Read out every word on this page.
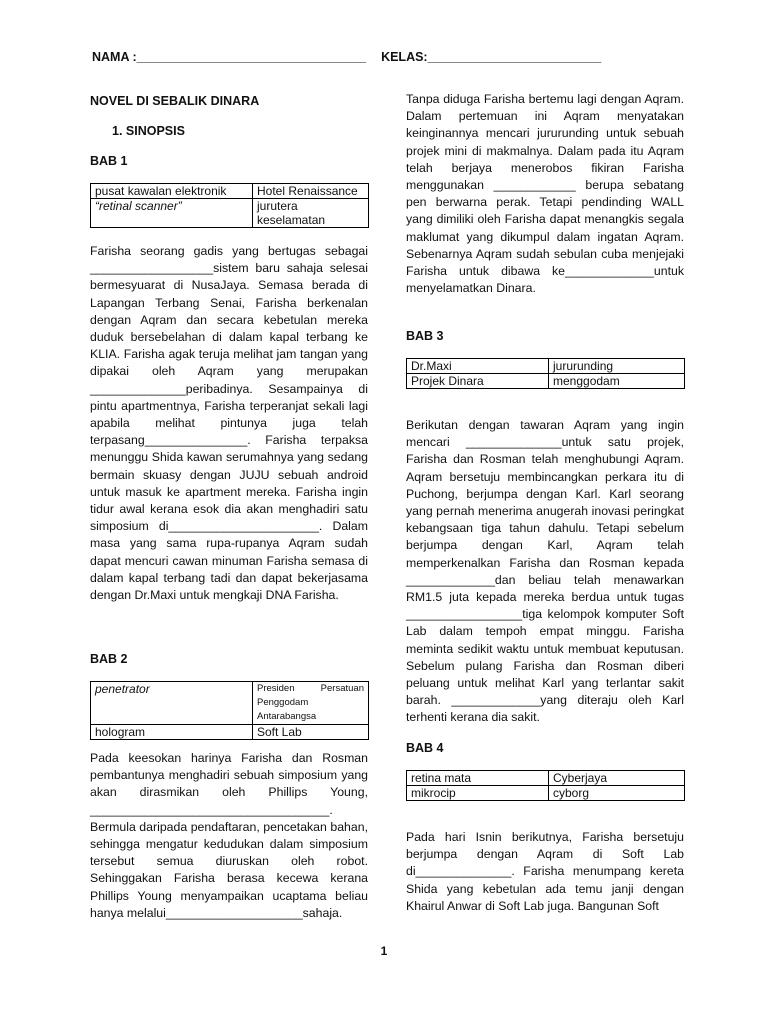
NAMA :_________________________________ KELAS:_________________________
NOVEL DI SEBALIK DINARA
1. SINOPSIS
BAB 1
pusat kawalan elektronik	Hotel Renaissance
“retinal scanner”	jurutera keselamatan

Farisha seorang gadis yang bertugas sebagai __________________sistem baru sahaja selesai bermesyuarat di NusaJaya. Semasa berada di Lapangan Terbang Senai, Farisha berkenalan dengan Aqram dan secara kebetulan mereka duduk bersebelahan di dalam kapal terbang ke KLIA. Farisha agak teruja melihat jam tangan yang dipakai oleh Aqram yang merupakan ______________peribadinya. Sesampainya di pintu apartmentnya, Farisha terperanjat sekali lagi apabila melihat pintunya juga telah terpasang_______________. Farisha terpaksa menunggu Shida kawan serumahnya yang sedang bermain skuasy dengan JUJU sebuah android untuk masuk ke apartment mereka. Farisha ingin tidur awal kerana esok dia akan menghadiri satu simposium di______________________. Dalam masa yang sama rupa-rupanya Aqram sudah dapat mencuri cawan minuman Farisha semasa di dalam kapal terbang tadi dan dapat bekerjasama dengan Dr.Maxi untuk mengkaji DNA Farisha.

BAB 2
penetrator	Presiden Persatuan Penggodam Antarabangsa
hologram	Soft Lab

Pada keesokan harinya Farisha dan Rosman pembantunya menghadiri sebuah simposium yang akan dirasmikan oleh Phillips Young, ___________________________________. Bermula daripada pendaftaran, pencetakan bahan, sehingga mengatur kedudukan dalam simposium tersebut semua diuruskan oleh robot. Sehinggakan Farisha berasa kecewa kerana Phillips Young menyampaikan ucaptama beliau hanya melalui____________________sahaja.

Tanpa diduga Farisha bertemu lagi dengan Aqram. Dalam pertemuan ini Aqram menyatakan keinginannya mencari jururunding untuk sebuah projek mini di makmalnya. Dalam pada itu Aqram telah berjaya menerobos fikiran Farisha menggunakan ____________ berupa sebatang pen berwarna perak. Tetapi pendinding WALL yang dimiliki oleh Farisha dapat menangkis segala maklumat yang dikumpul dalam ingatan Aqram. Sebenarnya Aqram sudah sebulan cuba menjejaki Farisha untuk dibawa ke_____________untuk menyelamatkan Dinara.

BAB 3
Dr.Maxi	jururunding
Projek Dinara	menggodam

Berikutan dengan tawaran Aqram yang ingin mencari ______________untuk satu projek, Farisha dan Rosman telah menghubungi Aqram. Aqram bersetuju membincangkan perkara itu di Puchong, berjumpa dengan Karl. Karl seorang yang pernah menerima anugerah inovasi peringkat kebangsaan tiga tahun dahulu. Tetapi sebelum berjumpa dengan Karl, Aqram telah memperkenalkan Farisha dan Rosman kepada _____________dan beliau telah menawarkan RM1.5 juta kepada mereka berdua untuk tugas _________________tiga kelompok komputer Soft Lab dalam tempoh empat minggu. Farisha meminta sedikit waktu untuk membuat keputusan. Sebelum pulang Farisha dan Rosman diberi peluang untuk melihat Karl yang terlantar sakit barah. _____________yang diteraju oleh Karl terhenti kerana dia sakit.

BAB 4
retina mata	Cyberjaya
mikrocip	cyborg

Pada hari Isnin berikutnya, Farisha bersetuju berjumpa dengan Aqram di Soft Lab di______________. Farisha menumpang kereta Shida yang kebetulan ada temu janji dengan Khairul Anwar di Soft Lab juga. Bangunan Soft

1
